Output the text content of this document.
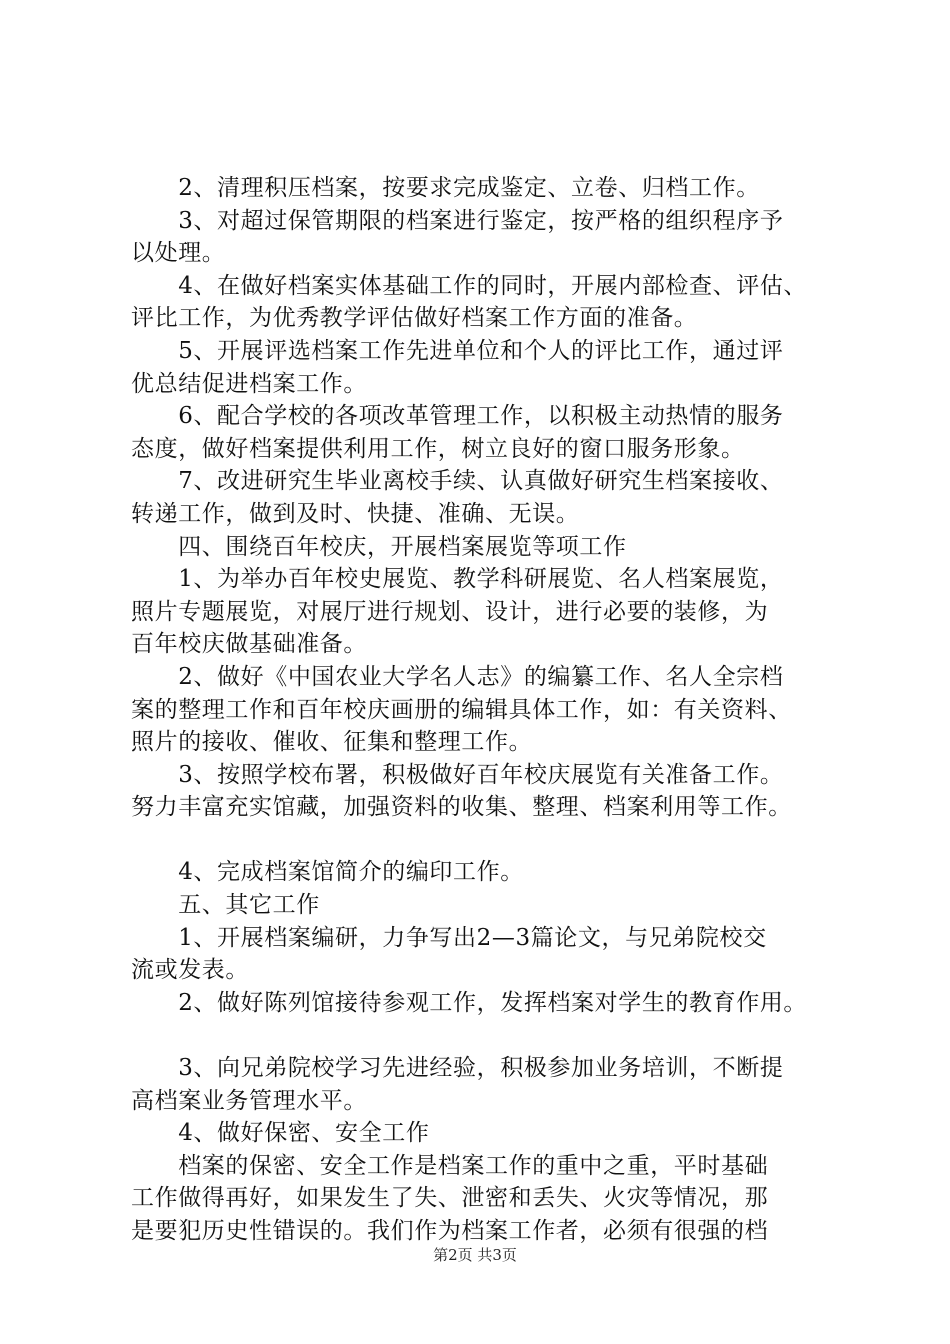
　　2、清理积压档案，按要求完成鉴定、立卷、归档工作。
　　3、对超过保管期限的档案进行鉴定，按严格的组织程序予
以处理。
　　4、在做好档案实体基础工作的同时，开展内部检查、评估、
评比工作，为优秀教学评估做好档案工作方面的准备。
　　5、开展评选档案工作先进单位和个人的评比工作，通过评
优总结促进档案工作。
　　6、配合学校的各项改革管理工作，以积极主动热情的服务
态度，做好档案提供利用工作，树立良好的窗口服务形象。
　　7、改进研究生毕业离校手续、认真做好研究生档案接收、
转递工作，做到及时、快捷、准确、无误。
　　四、围绕百年校庆，开展档案展览等项工作
　　1、为举办百年校史展览、教学科研展览、名人档案展览，
照片专题展览，对展厅进行规划、设计，进行必要的装修，为
百年校庆做基础准备。
　　2、做好《中国农业大学名人志》的编纂工作、名人全宗档
案的整理工作和百年校庆画册的编辑具体工作，如：有关资料、
照片的接收、催收、征集和整理工作。
　　3、按照学校布署，积极做好百年校庆展览有关准备工作。
努力丰富充实馆藏，加强资料的收集、整理、档案利用等工作。
　　4、完成档案馆简介的编印工作。
　　五、其它工作
　　1、开展档案编研，力争写出2—3篇论文，与兄弟院校交
流或发表。
　　2、做好陈列馆接待参观工作，发挥档案对学生的教育作用。
　　3、向兄弟院校学习先进经验，积极参加业务培训，不断提
高档案业务管理水平。
　　4、做好保密、安全工作
　　档案的保密、安全工作是档案工作的重中之重，平时基础
工作做得再好，如果发生了失、泄密和丢失、火灾等情况，那
是要犯历史性错误的。我们作为档案工作者，必须有很强的档
第2页 共3页
